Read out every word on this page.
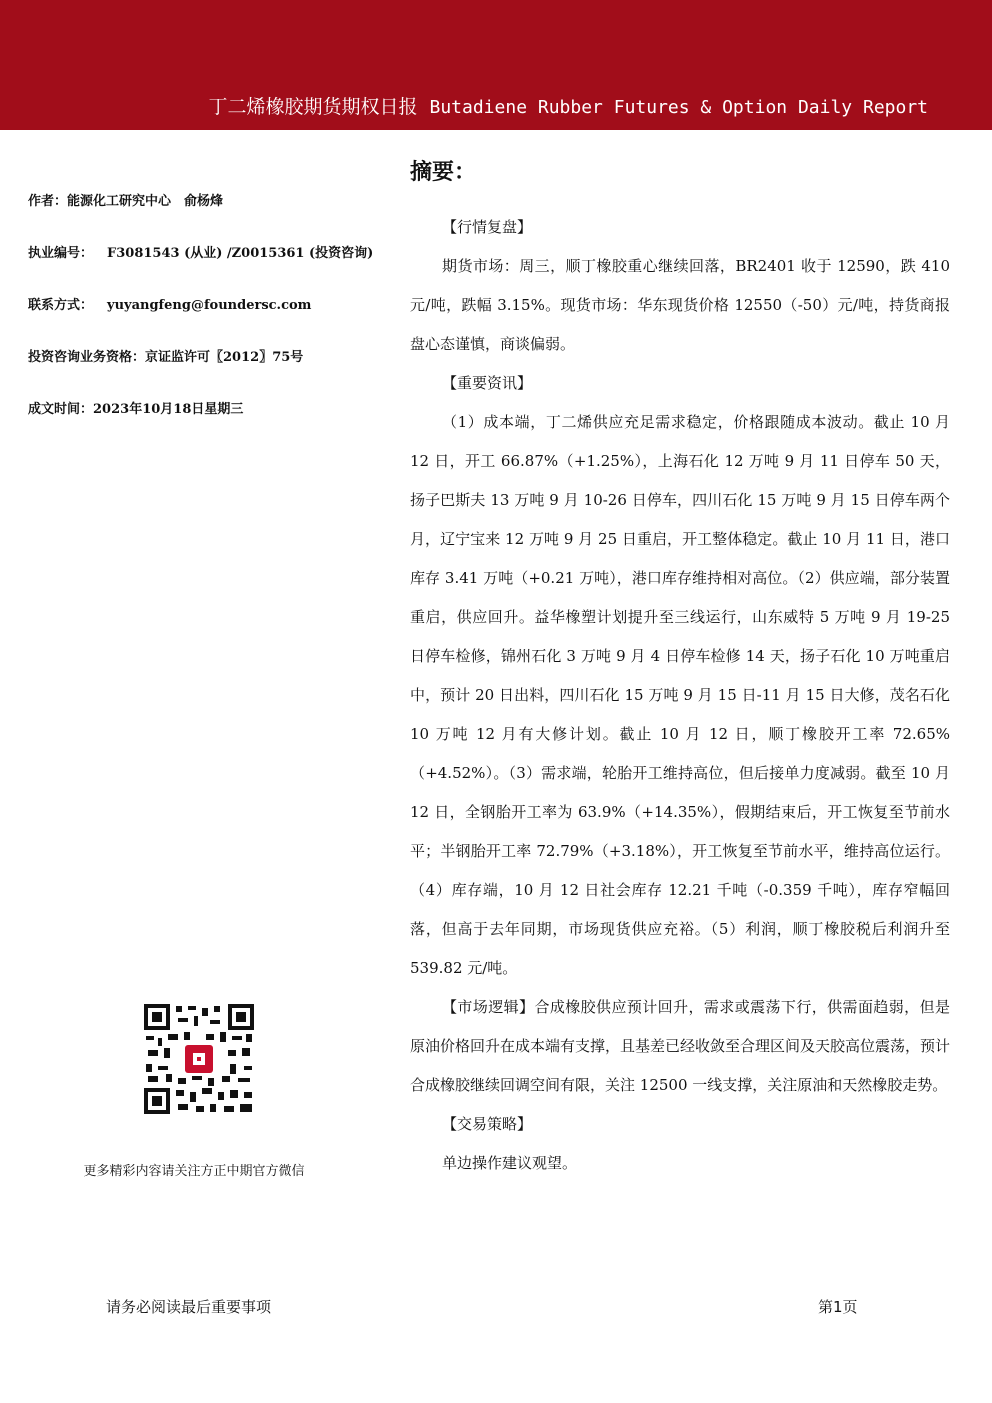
丁二烯橡胶期货期权日报 Butadiene Rubber Futures & Option Daily Report
作者：能源化工研究中心　俞杨烽
执业编号： F3081543 (从业) /Z0015361 (投资咨询)
联系方式： yuyangfeng@foundersc.com
投资咨询业务资格：京证监许可〖2012〗75号
成文时间：2023年10月18日星期三
更多精彩内容请关注方正中期官方微信
摘要：

【行情复盘】

期货市场：周三，顺丁橡胶重心继续回落，BR2401 收于 12590，跌 410 元/吨，跌幅 3.15%。现货市场：华东现货价格 12550（-50）元/吨，持货商报盘心态谨慎，商谈偏弱。

【重要资讯】

（1）成本端，丁二烯供应充足需求稳定，价格跟随成本波动。截止 10 月 12 日，开工 66.87%（+1.25%），上海石化 12 万吨 9 月 11 日停车 50 天，扬子巴斯夫 13 万吨 9 月 10-26 日停车，四川石化 15 万吨 9 月 15 日停车两个月，辽宁宝来 12 万吨 9 月 25 日重启，开工整体稳定。截止 10 月 11 日，港口库存 3.41 万吨（+0.21 万吨），港口库存维持相对高位。（2）供应端，部分装置重启，供应回升。益华橡塑计划提升至三线运行，山东威特 5 万吨 9 月 19-25 日停车检修，锦州石化 3 万吨 9 月 4 日停车检修 14 天，扬子石化 10 万吨重启中，预计 20 日出料，四川石化 15 万吨 9 月 15 日-11 月 15 日大修，茂名石化 10 万吨 12 月有大修计划。截止 10 月 12 日，顺丁橡胶开工率 72.65%（+4.52%）。（3）需求端，轮胎开工维持高位，但后接单力度减弱。截至 10 月 12 日，全钢胎开工率为 63.9%（+14.35%），假期结束后，开工恢复至节前水平；半钢胎开工率 72.79%（+3.18%），开工恢复至节前水平，维持高位运行。（4）库存端，10 月 12 日社会库存 12.21 千吨（-0.359 千吨），库存窄幅回落，但高于去年同期，市场现货供应充裕。（5）利润，顺丁橡胶税后利润升至 539.82 元/吨。

【市场逻辑】合成橡胶供应预计回升，需求或震荡下行，供需面趋弱，但是原油价格回升在成本端有支撑，且基差已经收敛至合理区间及天胶高位震荡，预计合成橡胶继续回调空间有限，关注 12500 一线支撑，关注原油和天然橡胶走势。

【交易策略】

单边操作建议观望。

请务必阅读最后重要事项	第1页
